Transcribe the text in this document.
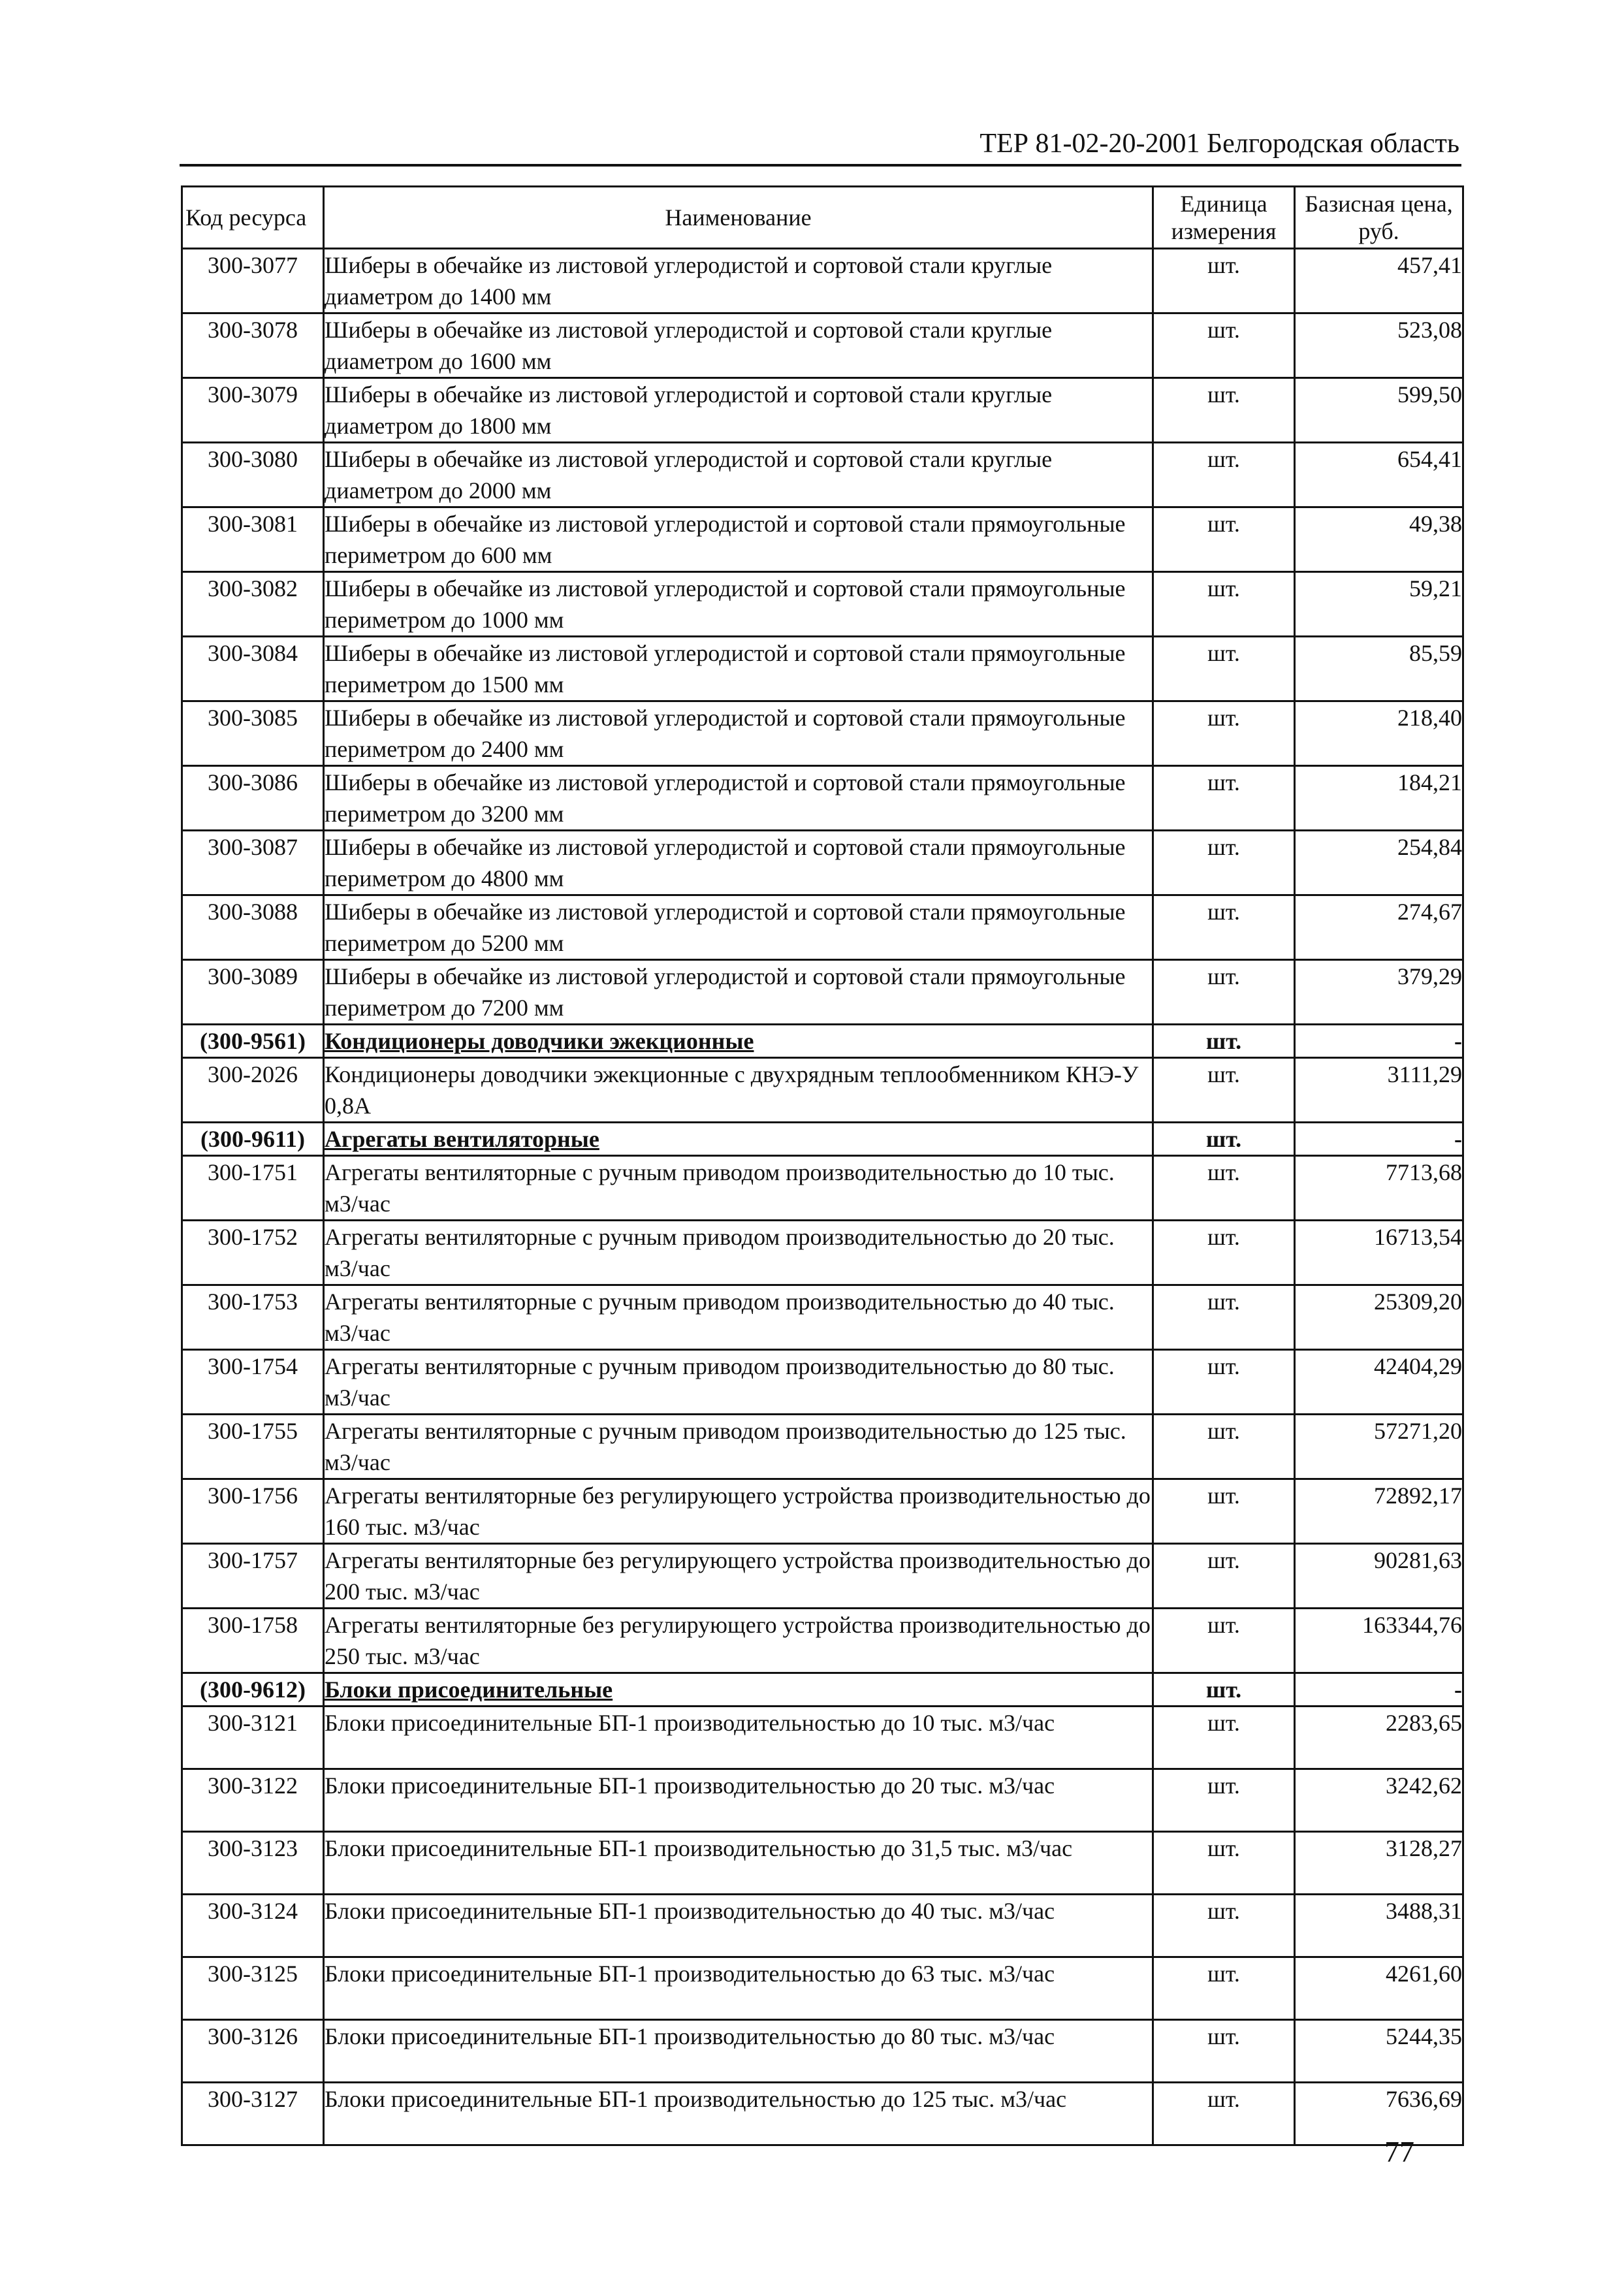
ТЕР 81-02-20-2001 Белгородская область
Код ресурса	Наименование	Единица измерения	Базисная цена, руб.
300-3077	Шиберы в обечайке из листовой углеродистой и сортовой стали круглые диаметром до 1400 мм	шт.	457,41
300-3078	Шиберы в обечайке из листовой углеродистой и сортовой стали круглые диаметром до 1600 мм	шт.	523,08
300-3079	Шиберы в обечайке из листовой углеродистой и сортовой стали круглые диаметром до 1800 мм	шт.	599,50
300-3080	Шиберы в обечайке из листовой углеродистой и сортовой стали круглые диаметром до 2000 мм	шт.	654,41
300-3081	Шиберы в обечайке из листовой углеродистой и сортовой стали прямоугольные периметром до 600 мм	шт.	49,38
300-3082	Шиберы в обечайке из листовой углеродистой и сортовой стали прямоугольные периметром до 1000 мм	шт.	59,21
300-3084	Шиберы в обечайке из листовой углеродистой и сортовой стали прямоугольные периметром до 1500 мм	шт.	85,59
300-3085	Шиберы в обечайке из листовой углеродистой и сортовой стали прямоугольные периметром до 2400 мм	шт.	218,40
300-3086	Шиберы в обечайке из листовой углеродистой и сортовой стали прямоугольные периметром до 3200 мм	шт.	184,21
300-3087	Шиберы в обечайке из листовой углеродистой и сортовой стали прямоугольные периметром до 4800 мм	шт.	254,84
300-3088	Шиберы в обечайке из листовой углеродистой и сортовой стали прямоугольные периметром до 5200 мм	шт.	274,67
300-3089	Шиберы в обечайке из листовой углеродистой и сортовой стали прямоугольные периметром до 7200 мм	шт.	379,29
(300-9561)	Кондиционеры доводчики эжекционные	шт.	-
300-2026	Кондиционеры доводчики эжекционные с двухрядным теплообменником КНЭ-У 0,8А	шт.	3111,29
(300-9611)	Агрегаты вентиляторные	шт.	-
300-1751	Агрегаты вентиляторные с ручным приводом производительностью до 10 тыс. м3/час	шт.	7713,68
300-1752	Агрегаты вентиляторные с ручным приводом производительностью до 20 тыс. м3/час	шт.	16713,54
300-1753	Агрегаты вентиляторные с ручным приводом производительностью до 40 тыс. м3/час	шт.	25309,20
300-1754	Агрегаты вентиляторные с ручным приводом производительностью до 80 тыс. м3/час	шт.	42404,29
300-1755	Агрегаты вентиляторные с ручным приводом производительностью до 125 тыс. м3/час	шт.	57271,20
300-1756	Агрегаты вентиляторные без регулирующего устройства производительностью до 160 тыс. м3/час	шт.	72892,17
300-1757	Агрегаты вентиляторные без регулирующего устройства производительностью до 200 тыс. м3/час	шт.	90281,63
300-1758	Агрегаты вентиляторные без регулирующего устройства производительностью до 250 тыс. м3/час	шт.	163344,76
(300-9612)	Блоки присоединительные	шт.	-
300-3121	Блоки присоединительные БП-1 производительностью до 10 тыс. м3/час	шт.	2283,65
300-3122	Блоки присоединительные БП-1 производительностью до 20 тыс. м3/час	шт.	3242,62
300-3123	Блоки присоединительные БП-1 производительностью до 31,5 тыс. м3/час	шт.	3128,27
300-3124	Блоки присоединительные БП-1 производительностью до 40 тыс. м3/час	шт.	3488,31
300-3125	Блоки присоединительные БП-1 производительностью до 63 тыс. м3/час	шт.	4261,60
300-3126	Блоки присоединительные БП-1 производительностью до 80 тыс. м3/час	шт.	5244,35
300-3127	Блоки присоединительные БП-1 производительностью до 125 тыс. м3/час	шт.	7636,69
77
